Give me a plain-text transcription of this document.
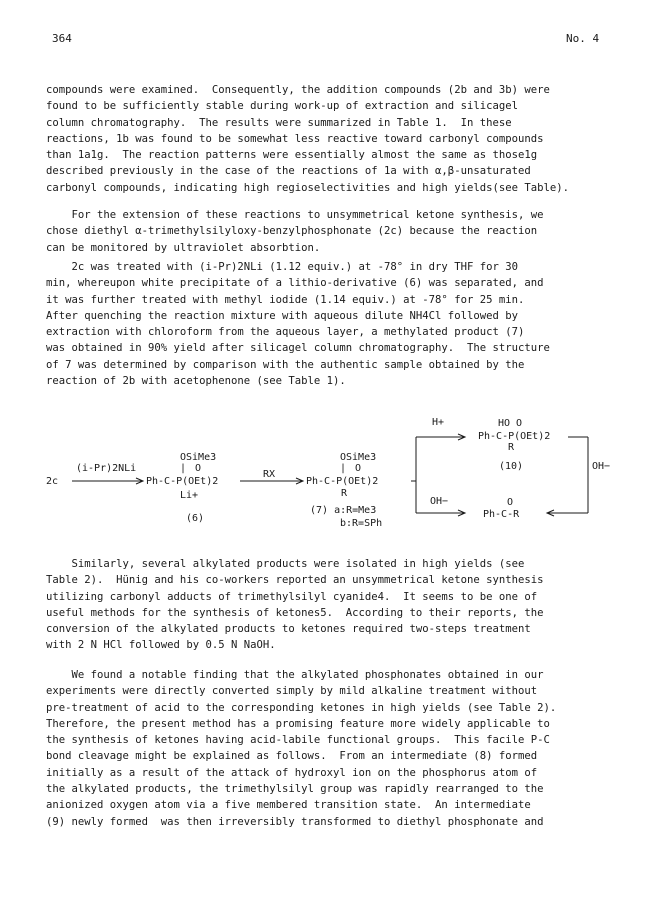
364	No. 4
compounds were examined.  Consequently, the addition compounds (2b and 3b) were
found to be sufficiently stable during work-up of extraction and silicagel
column chromatography.  The results were summarized in Table 1.  In these
reactions, 1b was found to be somewhat less reactive toward carbonyl compounds
than 1a1g.  The reaction patterns were essentially almost the same as those1g
described previously in the case of the reactions of 1a with α,β-unsaturated
carbonyl compounds, indicating high regioselectivities and high yields(see Table).
For the extension of these reactions to unsymmetrical ketone synthesis, we
chose diethyl α-trimethylsilyloxy-benzylphosphonate (2c) because the reaction
can be monitored by ultraviolet absorbtion.
2c was treated with (i-Pr)2NLi (1.12 equiv.) at -78° in dry THF for 30
min, whereupon white precipitate of a lithio-derivative (6) was separated, and
it was further treated with methyl iodide (1.14 equiv.) at -78° for 25 min.
After quenching the reaction mixture with aqueous dilute NH4Cl followed by
extraction with chloroform from the aqueous layer, a methylated product (7)
was obtained in 90% yield after silicagel column chromatography.  The structure
of 7 was determined by comparison with the authentic sample obtained by the
reaction of 2b with acetophenone (see Table 1).
2c
(i-Pr)2NLi
OSiMe3
| O
Ph-C-P(OEt)2
Li+
(6)
RX
OSiMe3
| O
Ph-C-P(OEt)2
R
(7) a:R=Me3
b:R=SPh
H+	HO O
Ph-C-P(OEt)2
R
(10)	OH−
OH−	O
Ph-C-R
Similarly, several alkylated products were isolated in high yields (see
Table 2).  Hünig and his co-workers reported an unsymmetrical ketone synthesis
utilizing carbonyl adducts of trimethylsilyl cyanide4.  It seems to be one of
useful methods for the synthesis of ketones5.  According to their reports, the
conversion of the alkylated products to ketones required two-steps treatment
with 2 N HCl followed by 0.5 N NaOH.
We found a notable finding that the alkylated phosphonates obtained in our
experiments were directly converted simply by mild alkaline treatment without
pre-treatment of acid to the corresponding ketones in high yields (see Table 2).
Therefore, the present method has a promising feature more widely applicable to
the synthesis of ketones having acid-labile functional groups.  This facile P-C
bond cleavage might be explained as follows.  From an intermediate (8) formed
initially as a result of the attack of hydroxyl ion on the phosphorus atom of
the alkylated products, the trimethylsilyl group was rapidly rearranged to the
anionized oxygen atom via a five membered transition state.  An intermediate
(9) newly formed  was then irreversibly transformed to diethyl phosphonate and
